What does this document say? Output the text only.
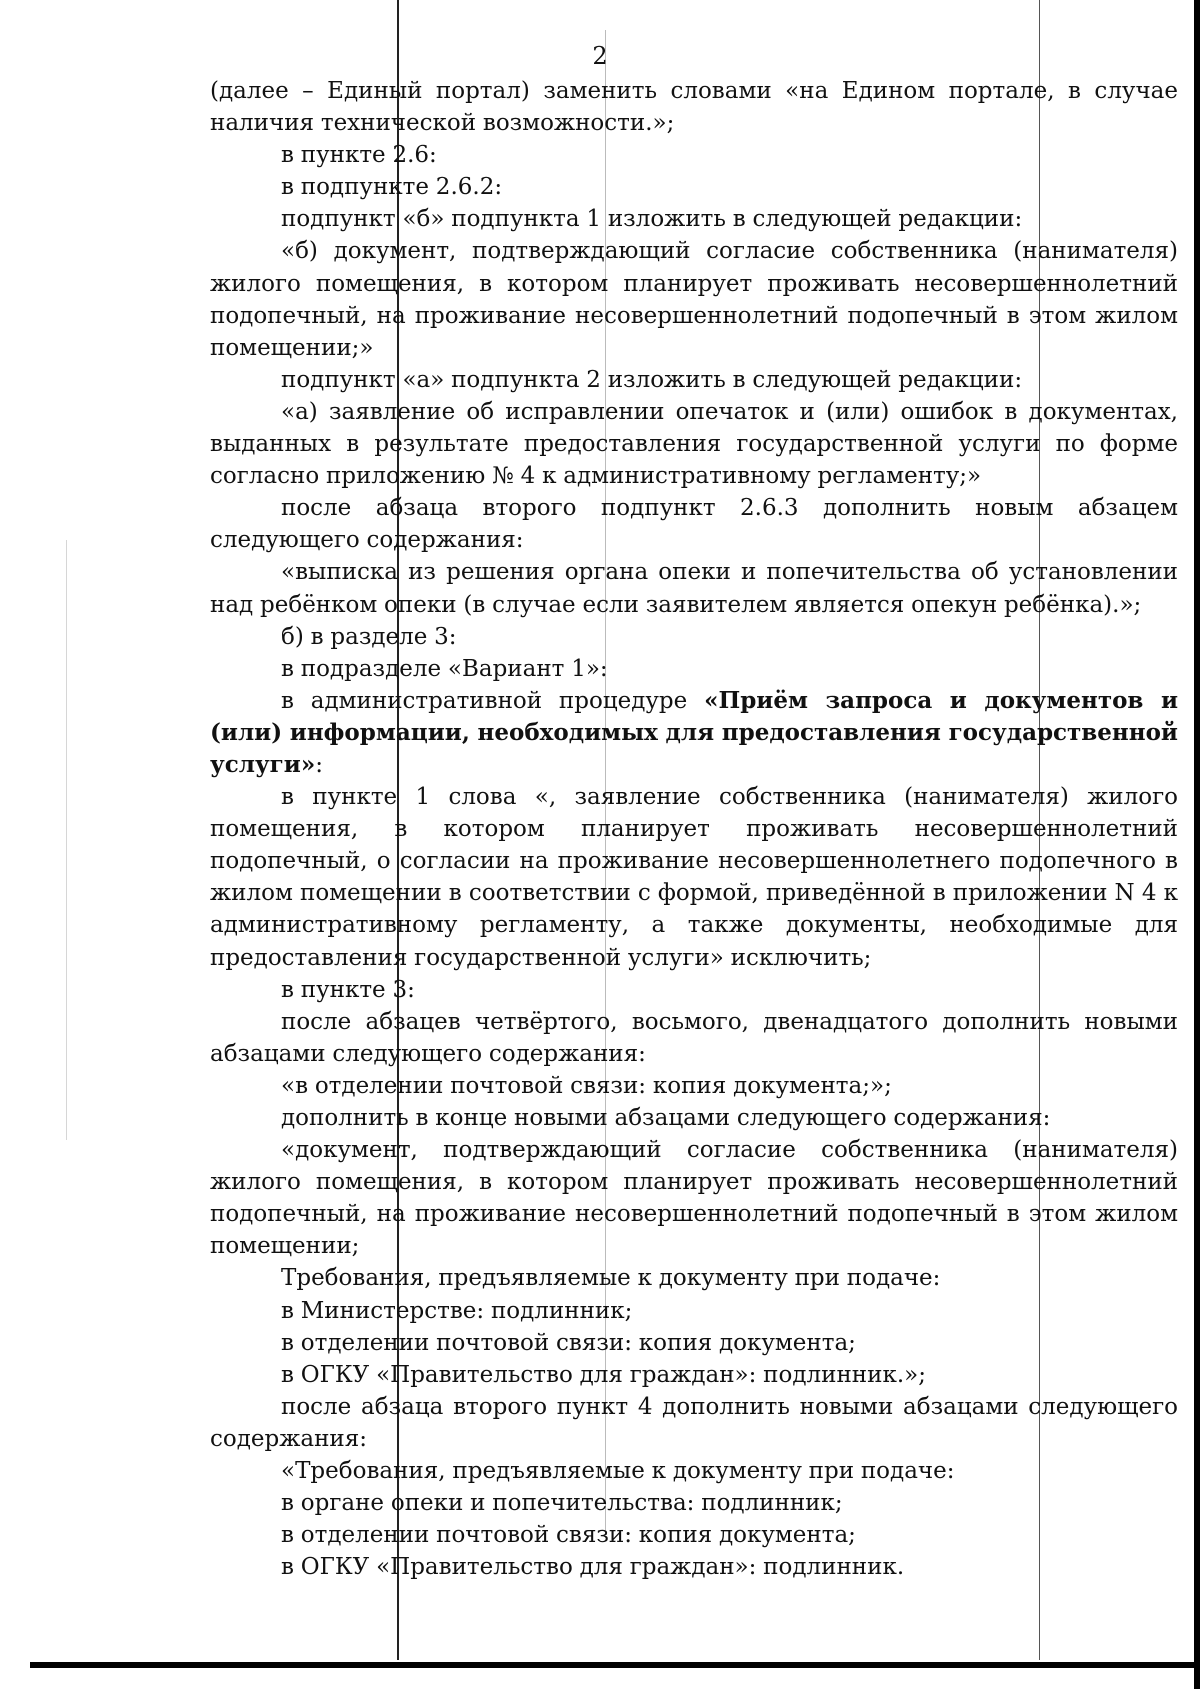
2

(далее – Единый портал) заменить словами «на Едином портале, в случае наличия технической возможности.»;

в пункте 2.6:

в подпункте 2.6.2:

подпункт «б» подпункта 1 изложить в следующей редакции:

«б) документ, подтверждающий согласие собственника (нанимателя) жилого помещения, в котором планирует проживать несовершеннолетний подопечный, на проживание несовершеннолетний подопечный в этом жилом помещении;»

подпункт «а» подпункта 2 изложить в следующей редакции:

«а) заявление об исправлении опечаток и (или) ошибок в документах, выданных в результате предоставления государственной услуги по форме согласно приложению № 4 к административному регламенту;»

после абзаца второго подпункт 2.6.3 дополнить новым абзацем следующего содержания:

«выписка из решения органа опеки и попечительства об установлении над ребёнком опеки (в случае если заявителем является опекун ребёнка).»;

б) в разделе 3:

в подразделе «Вариант 1»:

в административной процедуре «Приём запроса и документов и (или) информации, необходимых для предоставления государственной услуги»:

в пункте 1 слова «, заявление собственника (нанимателя) жилого помещения, в котором планирует проживать несовершеннолетний подопечный, о согласии на проживание несовершеннолетнего подопечного в жилом помещении в соответствии с формой, приведённой в приложении N 4 к административному регламенту, а также документы, необходимые для предоставления государственной услуги» исключить;

в пункте 3:

после абзацев четвёртого, восьмого, двенадцатого дополнить новыми абзацами следующего содержания:

«в отделении почтовой связи: копия документа;»;

дополнить в конце новыми абзацами следующего содержания:

«документ, подтверждающий согласие собственника (нанимателя) жилого помещения, в котором планирует проживать несовершеннолетний подопечный, на проживание несовершеннолетний подопечный в этом жилом помещении;

Требования, предъявляемые к документу при подаче:

в Министерстве: подлинник;

в отделении почтовой связи: копия документа;

в ОГКУ «Правительство для граждан»: подлинник.»;

после абзаца второго пункт 4 дополнить новыми абзацами следующего содержания:

«Требования, предъявляемые к документу при подаче:

в органе опеки и попечительства: подлинник;

в отделении почтовой связи: копия документа;

в ОГКУ «Правительство для граждан»: подлинник.
